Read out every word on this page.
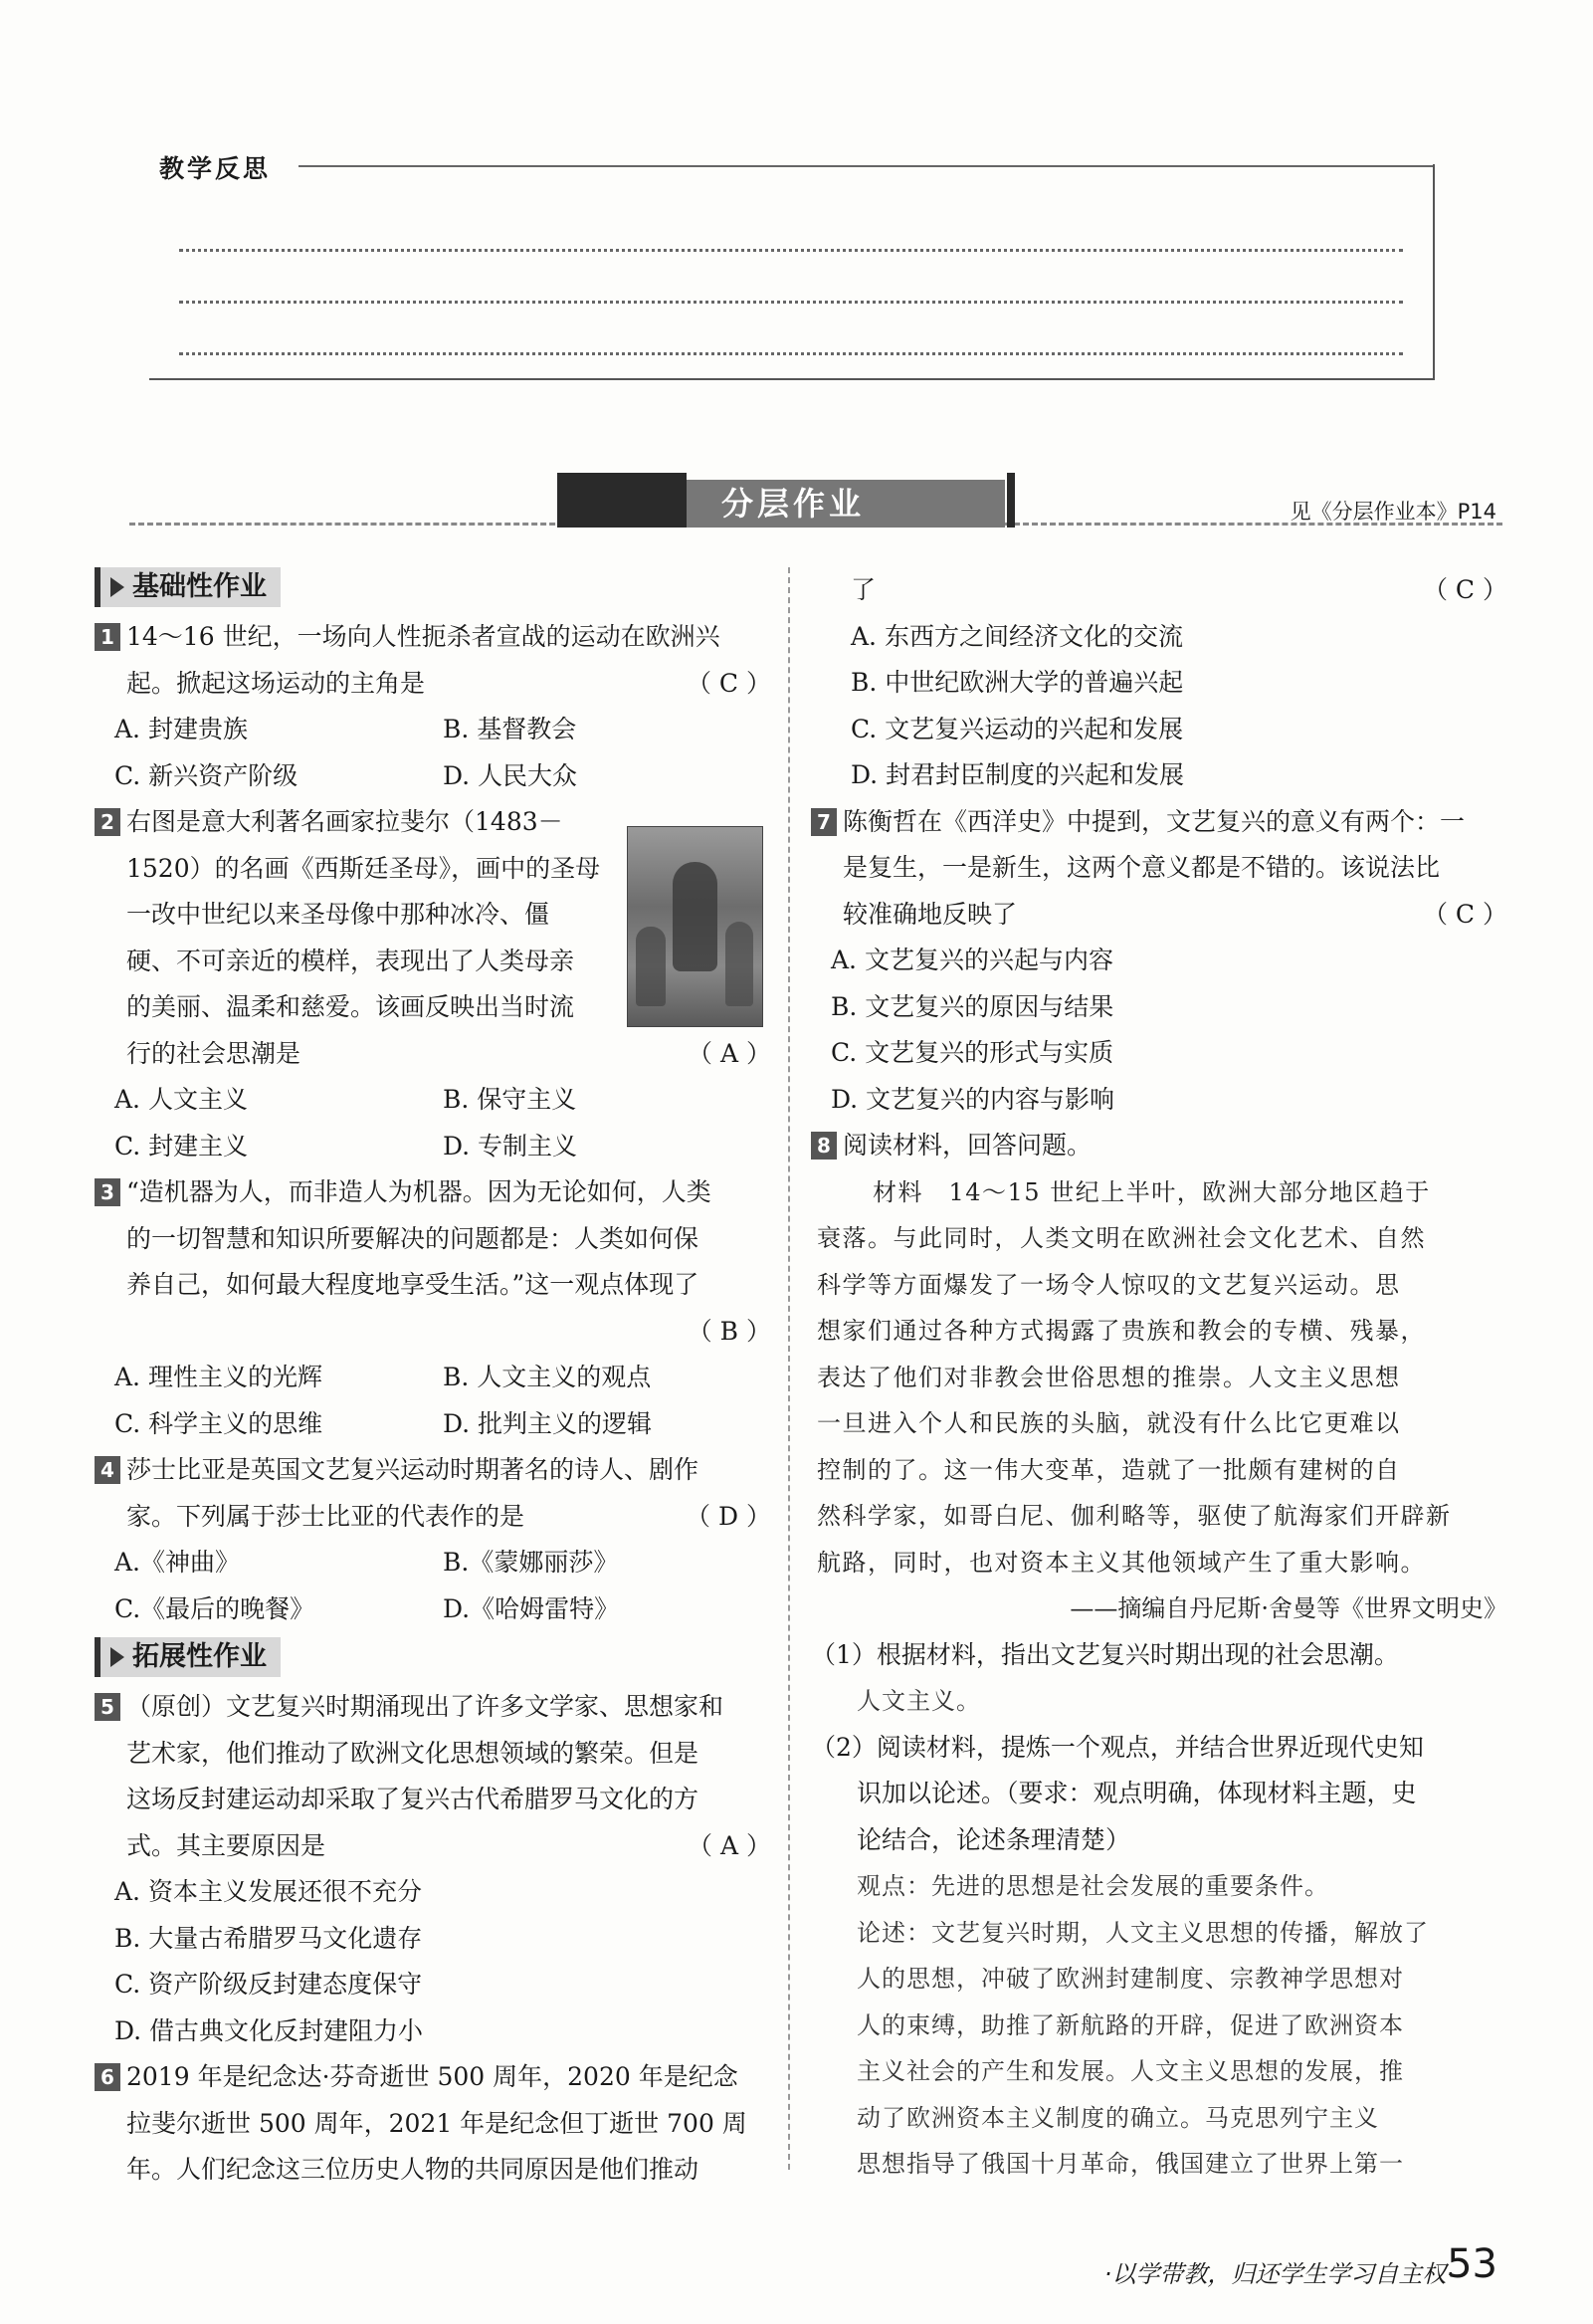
教学反思
分层作业	见《分层作业本》P14
基础性作业
1 14～16 世纪，一场向人性扼杀者宣战的运动在欧洲兴
起。掀起这场运动的主角是	（ C ）
A. 封建贵族	B. 基督教会
C. 新兴资产阶级	D. 人民大众
2 右图是意大利著名画家拉斐尔（1483－
1520）的名画《西斯廷圣母》，画中的圣母
一改中世纪以来圣母像中那种冰冷、僵
硬、不可亲近的模样，表现出了人类母亲
的美丽、温柔和慈爱。该画反映出当时流
行的社会思潮是	（ A ）
A. 人文主义	B. 保守主义
C. 封建主义	D. 专制主义
3 “造机器为人，而非造人为机器。因为无论如何，人类
的一切智慧和知识所要解决的问题都是：人类如何保
养自己，如何最大程度地享受生活。”这一观点体现了
（ B ）
A. 理性主义的光辉	B. 人文主义的观点
C. 科学主义的思维	D. 批判主义的逻辑
4 莎士比亚是英国文艺复兴运动时期著名的诗人、剧作
家。下列属于莎士比亚的代表作的是	（ D ）
A.《神曲》	B.《蒙娜丽莎》
C.《最后的晚餐》	D.《哈姆雷特》
拓展性作业
5 （原创）文艺复兴时期涌现出了许多文学家、思想家和
艺术家，他们推动了欧洲文化思想领域的繁荣。但是
这场反封建运动却采取了复兴古代希腊罗马文化的方
式。其主要原因是	（ A ）
A. 资本主义发展还很不充分
B. 大量古希腊罗马文化遗存
C. 资产阶级反封建态度保守
D. 借古典文化反封建阻力小
6 2019 年是纪念达·芬奇逝世 500 周年，2020 年是纪念
拉斐尔逝世 500 周年，2021 年是纪念但丁逝世 700 周
年。人们纪念这三位历史人物的共同原因是他们推动
了	（ C ）
A. 东西方之间经济文化的交流
B. 中世纪欧洲大学的普遍兴起
C. 文艺复兴运动的兴起和发展
D. 封君封臣制度的兴起和发展
7 陈衡哲在《西洋史》中提到，文艺复兴的意义有两个：一
是复生，一是新生，这两个意义都是不错的。该说法比
较准确地反映了	（ C ）
A. 文艺复兴的兴起与内容
B. 文艺复兴的原因与结果
C. 文艺复兴的形式与实质
D. 文艺复兴的内容与影响
8 阅读材料，回答问题。
材料　14～15 世纪上半叶，欧洲大部分地区趋于
衰落。与此同时，人类文明在欧洲社会文化艺术、自然
科学等方面爆发了一场令人惊叹的文艺复兴运动。思
想家们通过各种方式揭露了贵族和教会的专横、残暴，
表达了他们对非教会世俗思想的推崇。人文主义思想
一旦进入个人和民族的头脑，就没有什么比它更难以
控制的了。这一伟大变革，造就了一批颇有建树的自
然科学家，如哥白尼、伽利略等，驱使了航海家们开辟新
航路，同时，也对资本主义其他领域产生了重大影响。
——摘编自丹尼斯·舍曼等《世界文明史》
（1）根据材料，指出文艺复兴时期出现的社会思潮。
人文主义。
（2）阅读材料，提炼一个观点，并结合世界近现代史知
识加以论述。（要求：观点明确，体现材料主题，史
论结合，论述条理清楚）
观点：先进的思想是社会发展的重要条件。
论述：文艺复兴时期，人文主义思想的传播，解放了
人的思想，冲破了欧洲封建制度、宗教神学思想对
人的束缚，助推了新航路的开辟，促进了欧洲资本
主义社会的产生和发展。人文主义思想的发展，推
动了欧洲资本主义制度的确立。马克思列宁主义
思想指导了俄国十月革命，俄国建立了世界上第一
·以学带教，归还学生学习自主权·
53
